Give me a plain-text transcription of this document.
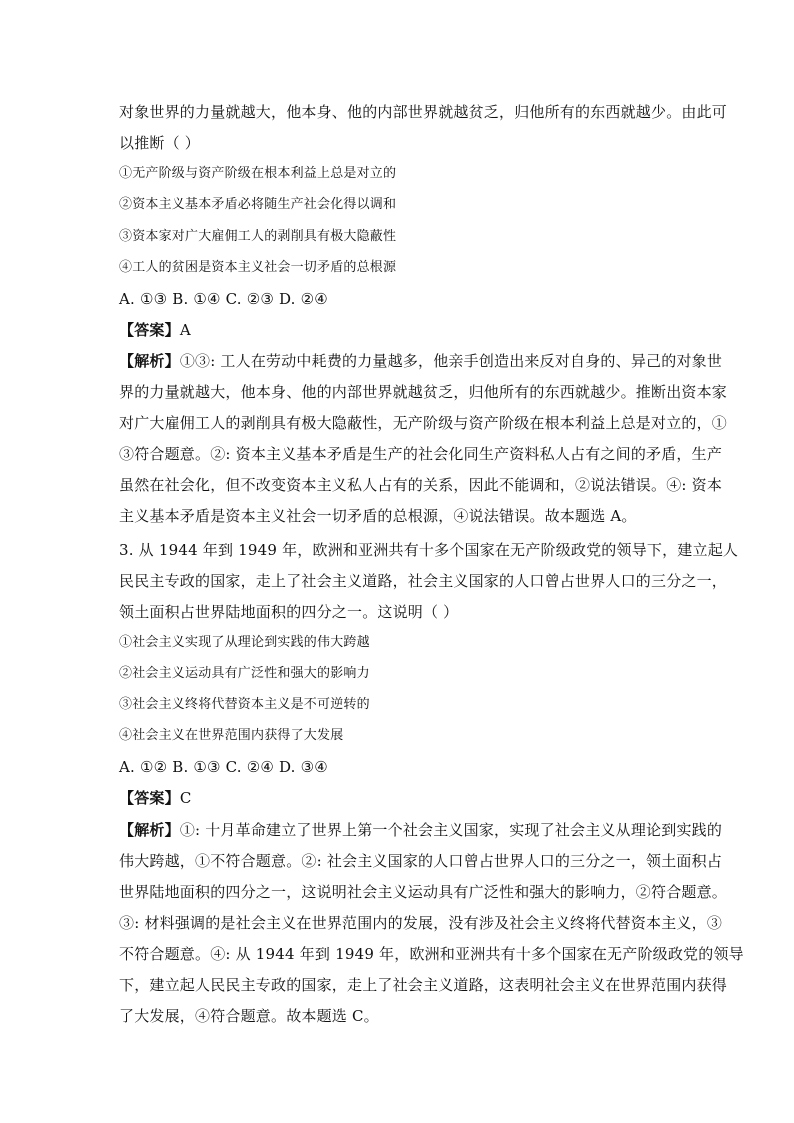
对象世界的力量就越大，他本身、他的内部世界就越贫乏，归他所有的东西就越少。由此可
以推断（ ）
①无产阶级与资产阶级在根本利益上总是对立的
②资本主义基本矛盾必将随生产社会化得以调和
③资本家对广大雇佣工人的剥削具有极大隐蔽性
④工人的贫困是资本主义社会一切矛盾的总根源
A. ①③ B. ①④ C. ②③ D. ②④
【答案】A
【解析】①③: 工人在劳动中耗费的力量越多，他亲手创造出来反对自身的、异己的对象世
界的力量就越大，他本身、他的内部世界就越贫乏，归他所有的东西就越少。推断出资本家
对广大雇佣工人的剥削具有极大隐蔽性，无产阶级与资产阶级在根本利益上总是对立的，①
③符合题意。②: 资本主义基本矛盾是生产的社会化同生产资料私人占有之间的矛盾，生产
虽然在社会化，但不改变资本主义私人占有的关系，因此不能调和，②说法错误。④: 资本
主义基本矛盾是资本主义社会一切矛盾的总根源，④说法错误。故本题选 A。
3. 从 1944 年到 1949 年，欧洲和亚洲共有十多个国家在无产阶级政党的领导下，建立起人
民民主专政的国家，走上了社会主义道路，社会主义国家的人口曾占世界人口的三分之一，
领土面积占世界陆地面积的四分之一。这说明（ ）
①社会主义实现了从理论到实践的伟大跨越
②社会主义运动具有广泛性和强大的影响力
③社会主义终将代替资本主义是不可逆转的
④社会主义在世界范围内获得了大发展
A. ①② B. ①③ C. ②④ D. ③④
【答案】C
【解析】①: 十月革命建立了世界上第一个社会主义国家，实现了社会主义从理论到实践的
伟大跨越，①不符合题意。②: 社会主义国家的人口曾占世界人口的三分之一，领土面积占
世界陆地面积的四分之一，这说明社会主义运动具有广泛性和强大的影响力，②符合题意。
③: 材料强调的是社会主义在世界范围内的发展，没有涉及社会主义终将代替资本主义，③
不符合题意。④: 从 1944 年到 1949 年，欧洲和亚洲共有十多个国家在无产阶级政党的领导
下，建立起人民民主专政的国家，走上了社会主义道路，这表明社会主义在世界范围内获得
了大发展，④符合题意。故本题选 C。
